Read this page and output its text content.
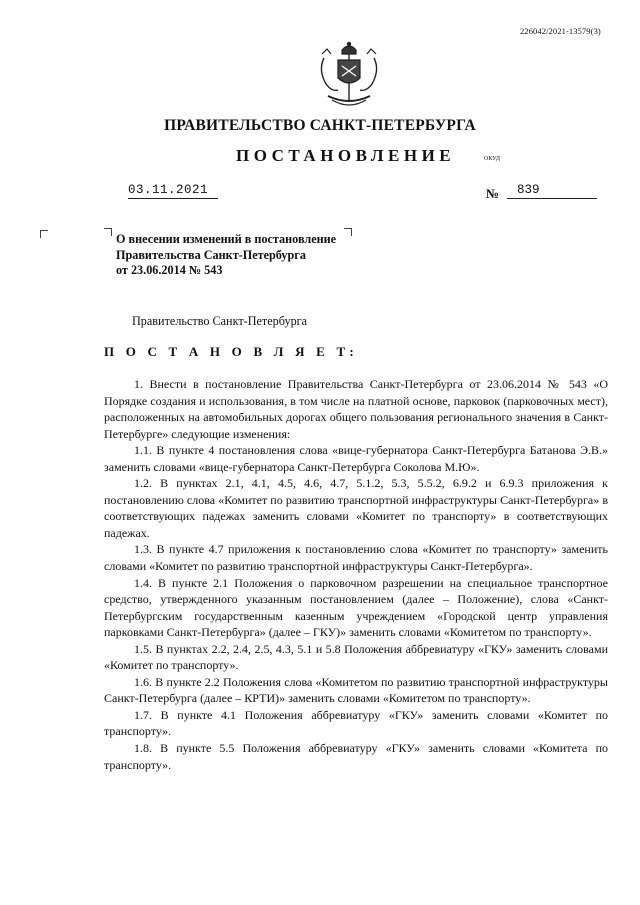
226042/2021-13579(3)
ПРАВИТЕЛЬСТВО САНКТ-ПЕТЕРБУРГА
ПОСТАНОВЛЕНИЕ	ОКУД
03.11.2021	№	839
О внесении изменений в постановление
Правительства Санкт-Петербурга
от 23.06.2014 № 543
Правительство Санкт-Петербурга
П О С Т А Н О В Л Я Е Т:

1. Внести в постановление Правительства Санкт-Петербурга от 23.06.2014 № 543 «О Порядке создания и использования, в том числе на платной основе, парковок (парковочных мест), расположенных на автомобильных дорогах общего пользования регионального значения в Санкт-Петербурге» следующие изменения:

1.1. В пункте 4 постановления слова «вице-губернатора Санкт-Петербурга Батанова Э.В.» заменить словами «вице-губернатора Санкт-Петербурга Соколова М.Ю».

1.2. В пунктах 2.1, 4.1, 4.5, 4.6, 4.7, 5.1.2, 5.3, 5.5.2, 6.9.2 и 6.9.3 приложения к постановлению слова «Комитет по развитию транспортной инфраструктуры Санкт-Петербурга» в соответствующих падежах заменить словами «Комитет по транспорту» в соответствующих падежах.

1.3. В пункте 4.7 приложения к постановлению слова «Комитет по транспорту» заменить словами «Комитет по развитию транспортной инфраструктуры Санкт-Петербурга».

1.4. В пункте 2.1 Положения о парковочном разрешении на специальное транспортное средство, утвержденного указанным постановлением (далее – Положение), слова «Санкт-Петербургским государственным казенным учреждением «Городской центр управления парковками Санкт-Петербурга» (далее – ГКУ)» заменить словами «Комитетом по транспорту».

1.5. В пунктах 2.2, 2.4, 2.5, 4.3, 5.1 и 5.8 Положения аббревиатуру «ГКУ» заменить словами «Комитет по транспорту».

1.6. В пункте 2.2 Положения слова «Комитетом по развитию транспортной инфраструктуры Санкт-Петербурга (далее – КРТИ)» заменить словами «Комитетом по транспорту».

1.7. В пункте 4.1 Положения аббревиатуру «ГКУ» заменить словами «Комитет по транспорту».

1.8. В пункте 5.5 Положения аббревиатуру «ГКУ» заменить словами «Комитета по транспорту».
